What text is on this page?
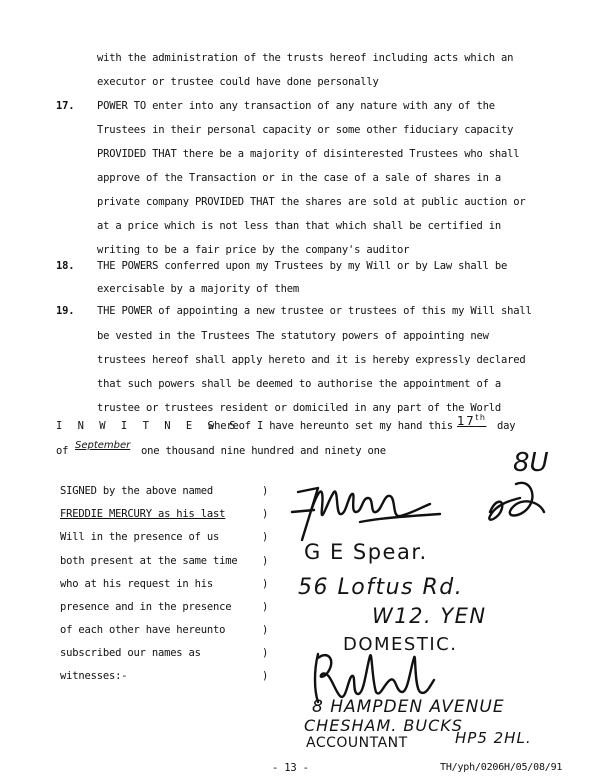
with the administration of the trusts hereof including acts which an
executor or trustee could have done personally
17. POWER TO enter into any transaction of any nature with any of the
Trustees in their personal capacity or some other fiduciary capacity
PROVIDED THAT there be a majority of disinterested Trustees who shall
approve of the Transaction or in the case of a sale of shares in a
private company PROVIDED THAT the shares are sold at public auction or
at a price which is not less than that which shall be certified in
writing to be a fair price by the company's auditor
18. THE POWERS conferred upon my Trustees by my Will or by Law shall be
exercisable by a majority of them
19. THE POWER of appointing a new trustee or trustees of this my Will shall
be vested in the Trustees The statutory powers of appointing new
trustees hereof shall apply hereto and it is hereby expressly declared
that such powers shall be deemed to authorise the appointment of a
trustee or trustees resident or domiciled in any part of the World
I N W I T N E S S
whereof I have hereunto set my hand this 17th
day
of September one thousand nine hundred and ninety one
SIGNED by the above named
FREDDIE MERCURY as his last
Will in the presence of us
both present at the same time
who at his request in his
presence and in the presence
of each other have hereunto
subscribed our names as
witnesses:-
)
)
)
)
)
)
)
)
)
8U
G E Spear.
56 Loftus Rd.
W12. YEN
DOMESTIC.
8 HAMPDEN AVENUE
CHESHAM. BUCKS
ACCOUNTANT	HP5 2HL.
- 13 -	TH/yph/0206H/05/08/91
